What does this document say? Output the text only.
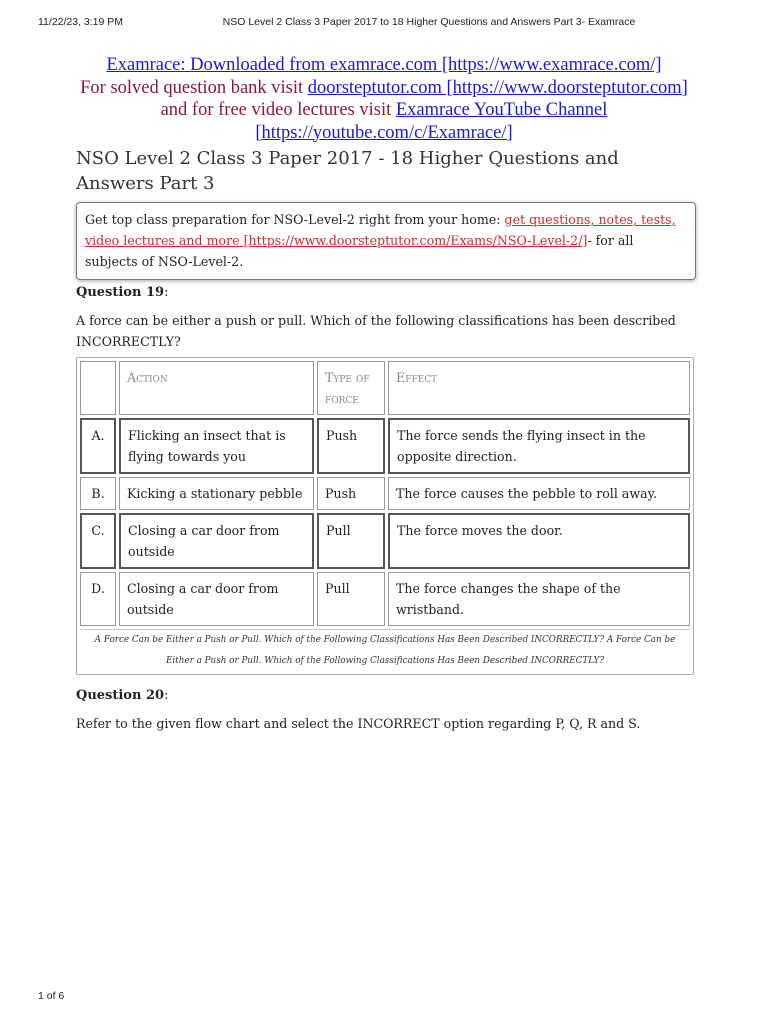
11/22/23, 3:19 PM	NSO Level 2 Class 3 Paper 2017 to 18 Higher Questions and Answers Part 3- Examrace
Examrace: Downloaded from examrace.com [https://www.examrace.com/]
For solved question bank visit doorsteptutor.com [https://www.doorsteptutor.com]
and for free video lectures visit Examrace YouTube Channel
[https://youtube.com/c/Examrace/]
NSO Level 2 Class 3 Paper 2017 - 18 Higher Questions and Answers Part 3
Get top class preparation for NSO-Level-2 right from your home: get questions, notes, tests, video lectures and more [https://www.doorsteptutor.com/Exams/NSO-Level-2/]- for all subjects of NSO-Level-2.
Question 19:
A force can be either a push or pull. Which of the following classifications has been described INCORRECTLY?
	Action	Type of force	Effect
A.	Flicking an insect that is flying towards you	Push	The force sends the flying insect in the opposite direction.
B.	Kicking a stationary pebble	Push	The force causes the pebble to roll away.
C.	Closing a car door from outside	Pull	The force moves the door.
D.	Closing a car door from outside	Pull	The force changes the shape of the wristband.
A Force Can be Either a Push or Pull. Which of the Following Classifications Has Been Described INCORRECTLY? A Force Can be Either a Push or Pull. Which of the Following Classifications Has Been Described INCORRECTLY?
Question 20:
Refer to the given flow chart and select the INCORRECT option regarding P, Q, R and S.
1 of 6
